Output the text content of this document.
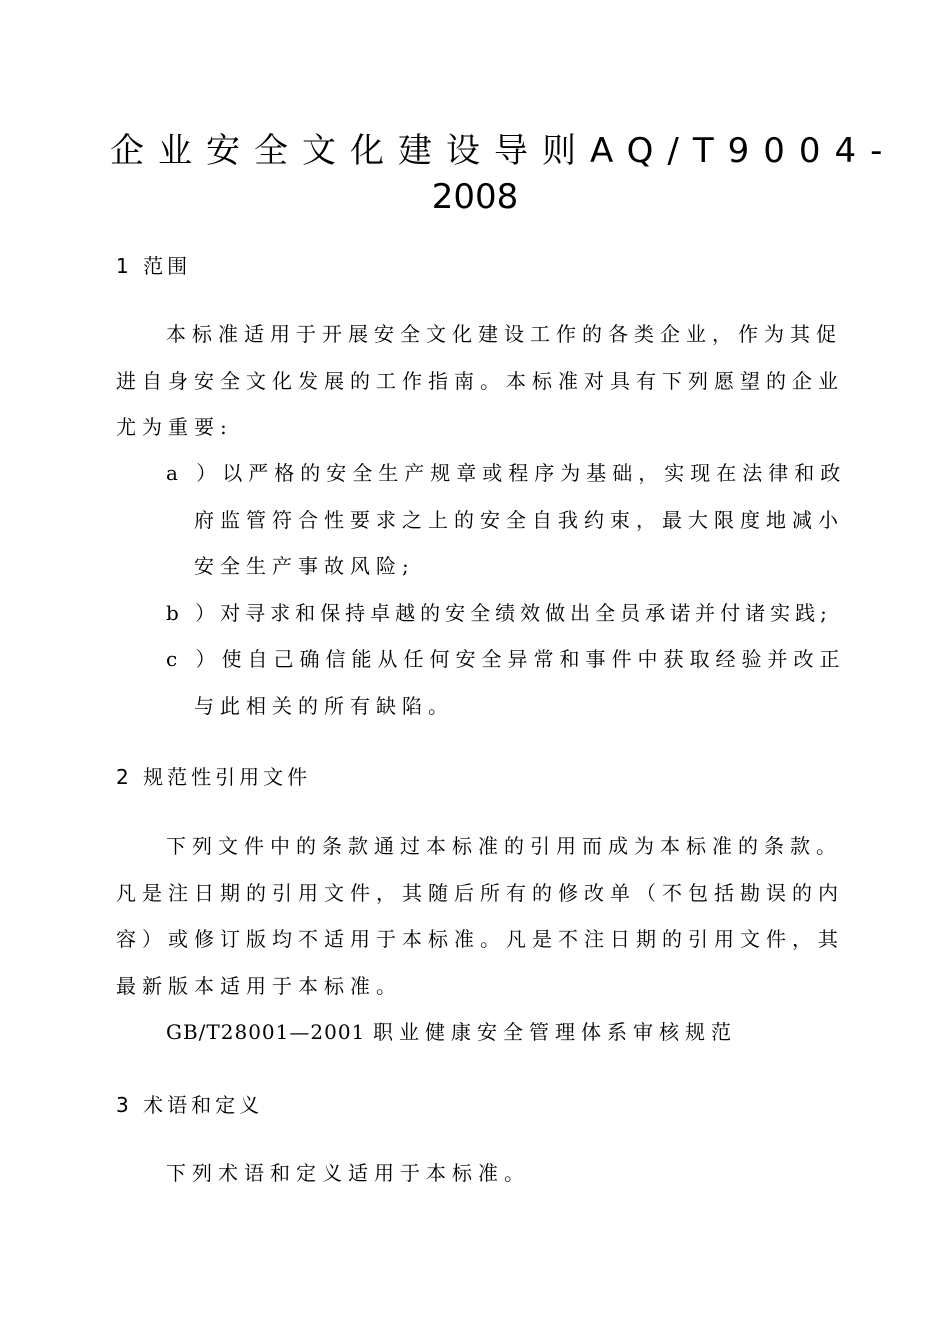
企业安全文化建设导则AQ/T9004-
2008
1 范围
本标准适用于开展安全文化建设工作的各类企业，作为其促
进自身安全文化发展的工作指南。本标准对具有下列愿望的企业
尤为重要:
a ）以严格的安全生产规章或程序为基础，实现在法律和政
府监管符合性要求之上的安全自我约束，最大限度地减小
安全生产事故风险;
b ）对寻求和保持卓越的安全绩效做出全员承诺并付诸实践;
c ）使自己确信能从任何安全异常和事件中获取经验并改正
与此相关的所有缺陷。
2 规范性引用文件
下列文件中的条款通过本标准的引用而成为本标准的条款。
凡是注日期的引用文件，其随后所有的修改单（不包括勘误的内
容）或修订版均不适用于本标准。凡是不注日期的引用文件，其
最新版本适用于本标准。
GB/T28001—2001 职业健康安全管理体系审核规范
3 术语和定义
下列术语和定义适用于本标准。
